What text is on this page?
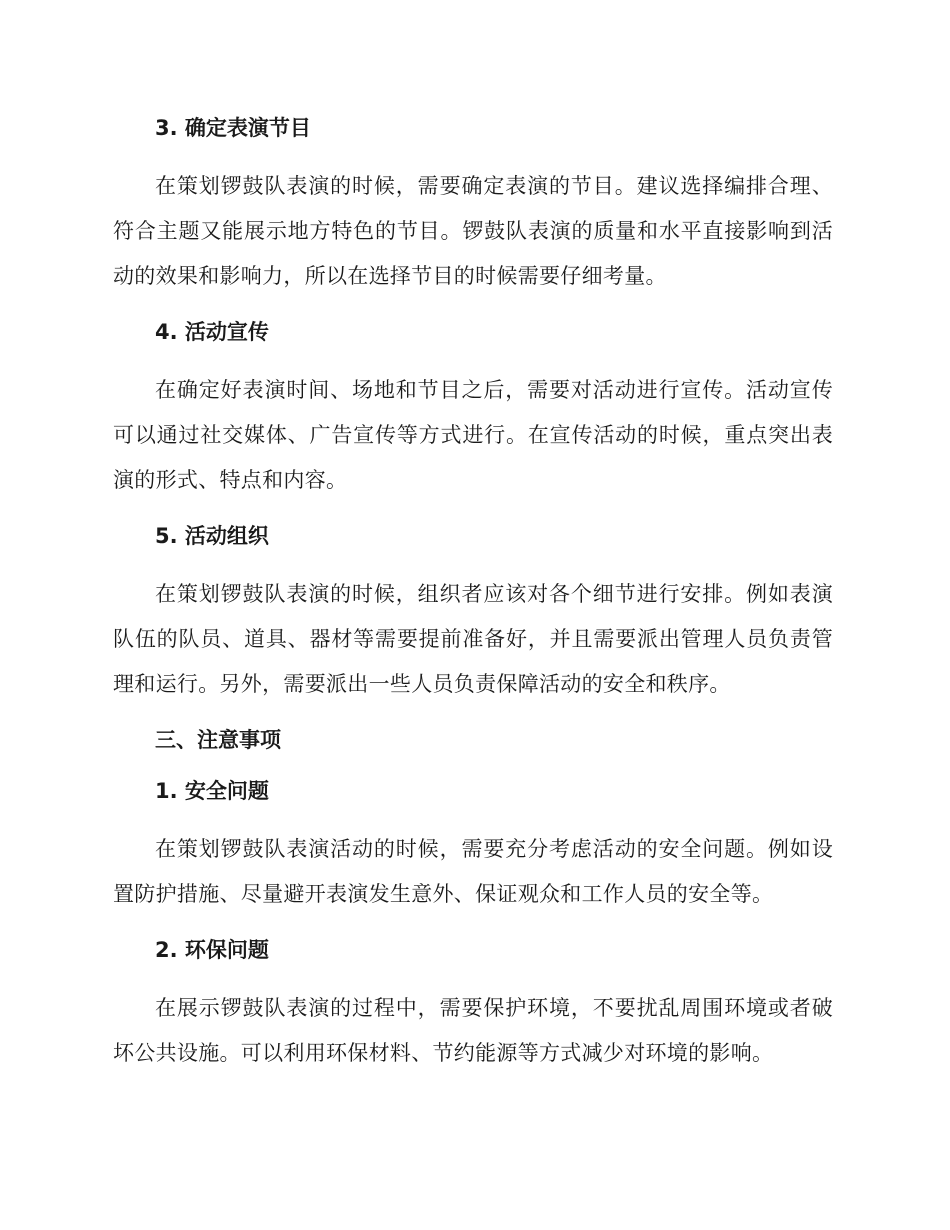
3. 确定表演节目

在策划锣鼓队表演的时候，需要确定表演的节目。建议选择编排合理、符合主题又能展示地方特色的节目。锣鼓队表演的质量和水平直接影响到活动的效果和影响力，所以在选择节目的时候需要仔细考量。

4. 活动宣传

在确定好表演时间、场地和节目之后，需要对活动进行宣传。活动宣传可以通过社交媒体、广告宣传等方式进行。在宣传活动的时候，重点突出表演的形式、特点和内容。

5. 活动组织

在策划锣鼓队表演的时候，组织者应该对各个细节进行安排。例如表演队伍的队员、道具、器材等需要提前准备好，并且需要派出管理人员负责管理和运行。另外，需要派出一些人员负责保障活动的安全和秩序。

三、注意事项
1. 安全问题

在策划锣鼓队表演活动的时候，需要充分考虑活动的安全问题。例如设置防护措施、尽量避开表演发生意外、保证观众和工作人员的安全等。

2. 环保问题

在展示锣鼓队表演的过程中，需要保护环境，不要扰乱周围环境或者破坏公共设施。可以利用环保材料、节约能源等方式减少对环境的影响。
